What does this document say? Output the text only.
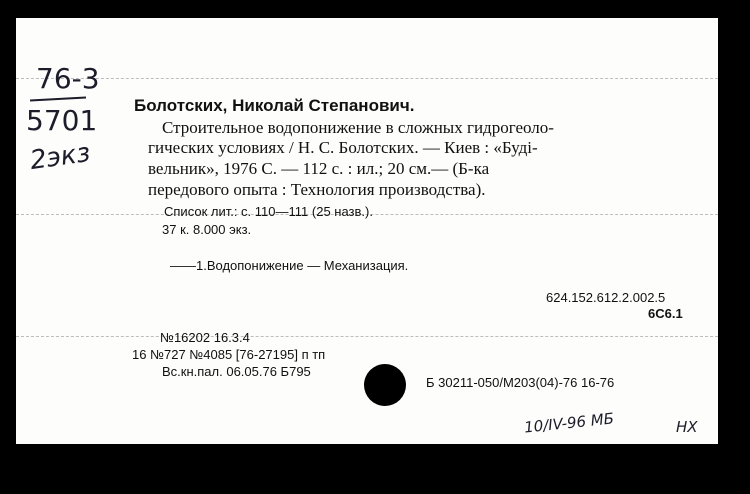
76-3
5701
2экз
Болотских, Николай Степанович.
Строительное водопонижение в сложных гидрогеоло-
гических условиях / Н. С. Болотских. — Киев : «Буді-
вельник», 1976 С. — 112 с. : ил.; 20 см.— (Б-ка
передового опыта : Технология производства).
Список лит.: с. 110—111 (25 назв.).
37 к. 8.000 экз.
——1.Водопонижение — Механизация.
624.152.612.2.002.5
6С6.1
№16202 16.3.4
16 №727 №4085 [76-27195] п тп
Вс.кн.пал. 06.05.76 Б795
Б 30211-050/М203(04)-76 16-76
10/IV-96 МБ	НХ
